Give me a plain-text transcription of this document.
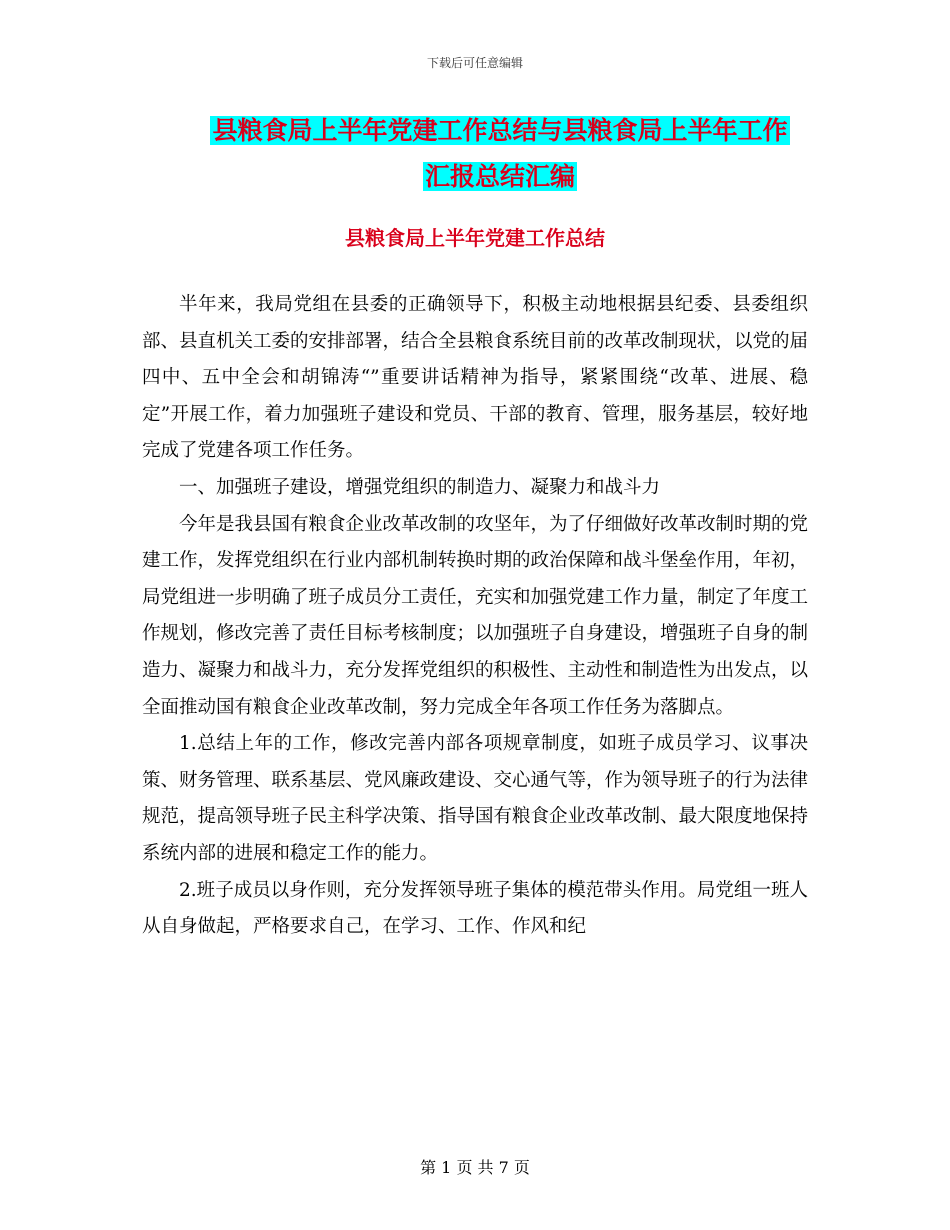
下载后可任意编辑
县粮食局上半年党建工作总结与县粮食局上半年工作
汇报总结汇编
县粮食局上半年党建工作总结

半年来，我局党组在县委的正确领导下，积极主动地根据县纪委、县委组织部、县直机关工委的安排部署，结合全县粮食系统目前的改革改制现状，以党的届四中、五中全会和胡锦涛“”重要讲话精神为指导，紧紧围绕“改革、进展、稳定”开展工作，着力加强班子建设和党员、干部的教育、管理，服务基层，较好地完成了党建各项工作任务。

一、加强班子建设，增强党组织的制造力、凝聚力和战斗力

今年是我县国有粮食企业改革改制的攻坚年，为了仔细做好改革改制时期的党建工作，发挥党组织在行业内部机制转换时期的政治保障和战斗堡垒作用，年初，局党组进一步明确了班子成员分工责任，充实和加强党建工作力量，制定了年度工作规划，修改完善了责任目标考核制度；以加强班子自身建设，增强班子自身的制造力、凝聚力和战斗力，充分发挥党组织的积极性、主动性和制造性为出发点，以全面推动国有粮食企业改革改制，努力完成全年各项工作任务为落脚点。

1.总结上年的工作，修改完善内部各项规章制度，如班子成员学习、议事决策、财务管理、联系基层、党风廉政建设、交心通气等，作为领导班子的行为法律规范，提高领导班子民主科学决策、指导国有粮食企业改革改制、最大限度地保持系统内部的进展和稳定工作的能力。

2.班子成员以身作则，充分发挥领导班子集体的模范带头作用。局党组一班人从自身做起，严格要求自己，在学习、工作、作风和纪

第 1 页 共 7 页
